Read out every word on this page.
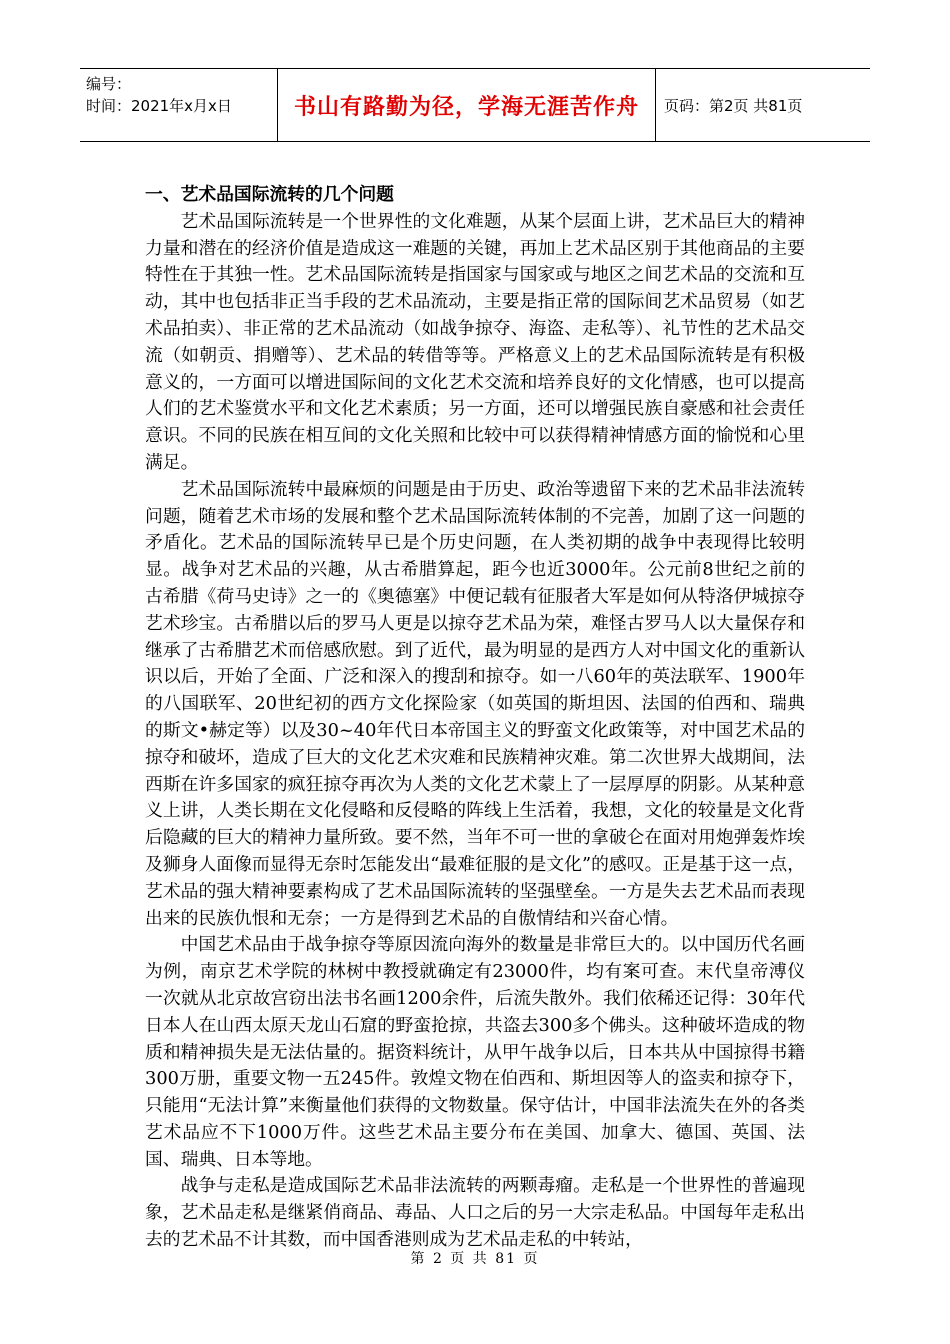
编号：
时间：2021年x月x日	书山有路勤为径，学海无涯苦作舟 页码：第2页 共81页
一、艺术品国际流转的几个问题

艺术品国际流转是一个世界性的文化难题，从某个层面上讲，艺术品巨大的精神力量和潜在的经济价值是造成这一难题的关键，再加上艺术品区别于其他商品的主要特性在于其独一性。艺术品国际流转是指国家与国家或与地区之间艺术品的交流和互动，其中也包括非正当手段的艺术品流动，主要是指正常的国际间艺术品贸易（如艺术品拍卖）、非正常的艺术品流动（如战争掠夺、海盗、走私等）、礼节性的艺术品交流（如朝贡、捐赠等）、艺术品的转借等等。严格意义上的艺术品国际流转是有积极意义的，一方面可以增进国际间的文化艺术交流和培养良好的文化情感，也可以提高人们的艺术鉴赏水平和文化艺术素质；另一方面，还可以增强民族自豪感和社会责任意识。不同的民族在相互间的文化关照和比较中可以获得精神情感方面的愉悦和心里满足。

艺术品国际流转中最麻烦的问题是由于历史、政治等遗留下来的艺术品非法流转问题，随着艺术市场的发展和整个艺术品国际流转体制的不完善，加剧了这一问题的矛盾化。艺术品的国际流转早已是个历史问题，在人类初期的战争中表现得比较明显。战争对艺术品的兴趣，从古希腊算起，距今也近3000年。公元前8世纪之前的古希腊《荷马史诗》之一的《奥德塞》中便记载有征服者大军是如何从特洛伊城掠夺艺术珍宝。古希腊以后的罗马人更是以掠夺艺术品为荣，难怪古罗马人以大量保存和继承了古希腊艺术而倍感欣慰。到了近代，最为明显的是西方人对中国文化的重新认识以后，开始了全面、广泛和深入的搜刮和掠夺。如一八60年的英法联军、1900年的八国联军、20世纪初的西方文化探险家（如英国的斯坦因、法国的伯西和、瑞典的斯文•赫定等）以及30~40年代日本帝国主义的野蛮文化政策等，对中国艺术品的掠夺和破坏，造成了巨大的文化艺术灾难和民族精神灾难。第二次世界大战期间，法西斯在许多国家的疯狂掠夺再次为人类的文化艺术蒙上了一层厚厚的阴影。从某种意义上讲，人类长期在文化侵略和反侵略的阵线上生活着，我想，文化的较量是文化背后隐藏的巨大的精神力量所致。要不然，当年不可一世的拿破仑在面对用炮弹轰炸埃及狮身人面像而显得无奈时怎能发出“最难征服的是文化”的感叹。正是基于这一点，艺术品的强大精神要素构成了艺术品国际流转的坚强壁垒。一方是失去艺术品而表现出来的民族仇恨和无奈；一方是得到艺术品的自傲情结和兴奋心情。

中国艺术品由于战争掠夺等原因流向海外的数量是非常巨大的。以中国历代名画为例，南京艺术学院的林树中教授就确定有23000件，均有案可查。末代皇帝溥仪一次就从北京故宫窃出法书名画1200余件，后流失散外。我们依稀还记得：30年代日本人在山西太原天龙山石窟的野蛮抢掠，共盗去300多个佛头。这种破坏造成的物质和精神损失是无法估量的。据资料统计，从甲午战争以后，日本共从中国掠得书籍300万册，重要文物一五245件。敦煌文物在伯西和、斯坦因等人的盗卖和掠夺下，只能用“无法计算”来衡量他们获得的文物数量。保守估计，中国非法流失在外的各类艺术品应不下1000万件。这些艺术品主要分布在美国、加拿大、德国、英国、法国、瑞典、日本等地。

战争与走私是造成国际艺术品非法流转的两颗毒瘤。走私是一个世界性的普遍现象，艺术品走私是继紧俏商品、毒品、人口之后的另一大宗走私品。中国每年走私出去的艺术品不计其数，而中国香港则成为艺术品走私的中转站，

第 2 页 共 81 页
